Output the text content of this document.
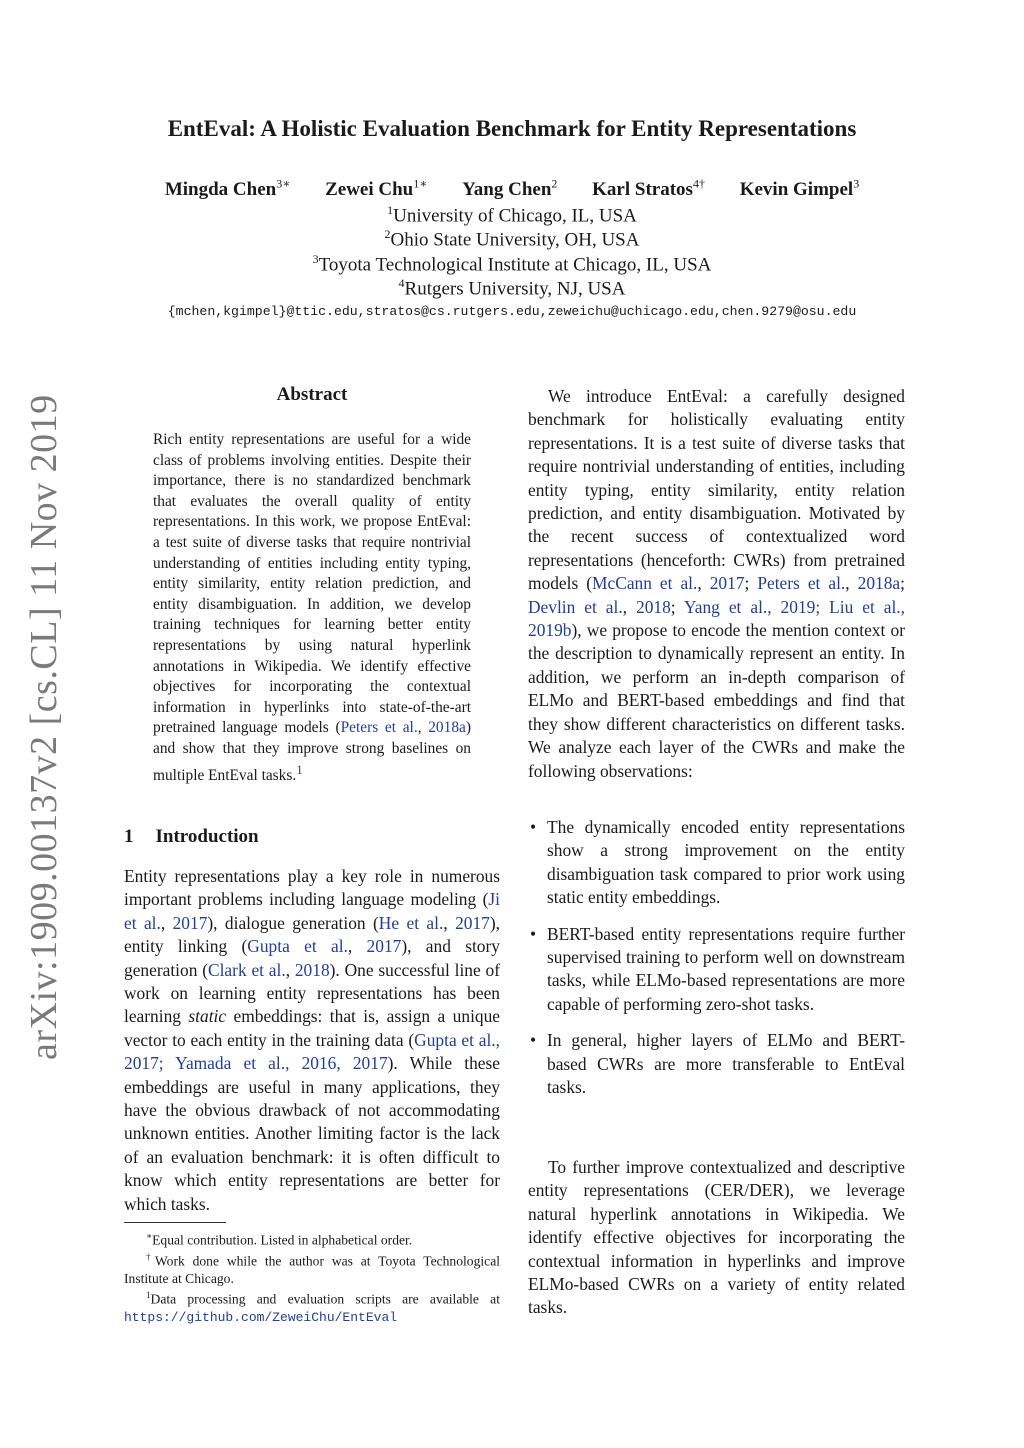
arXiv:1909.00137v2 [cs.CL] 11 Nov 2019
EntEval: A Holistic Evaluation Benchmark for Entity Representations
Mingda Chen$^{3∗}$ Zewei Chu$^{1∗}$ Yang Chen$^2$ Karl Stratos$^{4\dagger}$ Kevin Gimpel$^3$
$^1$University of Chicago, IL, USA
$^2$Ohio State University, OH, USA
$^3$Toyota Technological Institute at Chicago, IL, USA
$^4$Rutgers University, NJ, USA
{mchen,kgimpel}@ttic.edu,stratos@cs.rutgers.edu,zeweichu@uchicago.edu,chen.9279@osu.edu
Abstract
Rich entity representations are useful for a wide class of problems involving entities. Despite their importance, there is no standardized benchmark that evaluates the overall quality of entity representations. In this work, we propose EntEval: a test suite of diverse tasks that require nontrivial understanding of entities including entity typing, entity similarity, entity relation prediction, and entity disambiguation. In addition, we develop training techniques for learning better entity representations by using natural hyperlink annotations in Wikipedia. We identify effective objectives for incorporating the contextual information in hyperlinks into state-of-the-art pretrained language models (Peters et al., 2018a) and show that they improve strong baselines on multiple EntEval tasks.$^1$
1 Introduction
Entity representations play a key role in numerous important problems including language modeling (Ji et al., 2017), dialogue generation (He et al., 2017), entity linking (Gupta et al., 2017), and story generation (Clark et al., 2018). One successful line of work on learning entity representations has been learning static embeddings: that is, assign a unique vector to each entity in the training data (Gupta et al., 2017; Yamada et al., 2016, 2017). While these embeddings are useful in many applications, they have the obvious drawback of not accommodating unknown entities. Another limiting factor is the lack of an evaluation benchmark: it is often difficult to know which entity representations are better for which tasks.
∗Equal contribution. Listed in alphabetical order.
†Work done while the author was at Toyota Technological Institute at Chicago.
$^1$Data processing and evaluation scripts are available at https://github.com/ZeweiChu/EntEval
We introduce EntEval: a carefully designed benchmark for holistically evaluating entity representations. It is a test suite of diverse tasks that require nontrivial understanding of entities, including entity typing, entity similarity, entity relation prediction, and entity disambiguation. Motivated by the recent success of contextualized word representations (henceforth: CWRs) from pretrained models (McCann et al., 2017; Peters et al., 2018a; Devlin et al., 2018; Yang et al., 2019; Liu et al., 2019b), we propose to encode the mention context or the description to dynamically represent an entity. In addition, we perform an in-depth comparison of ELMo and BERT-based embeddings and find that they show different characteristics on different tasks. We analyze each layer of the CWRs and make the following observations:
• The dynamically encoded entity representations show a strong improvement on the entity disambiguation task compared to prior work using static entity embeddings.
• BERT-based entity representations require further supervised training to perform well on downstream tasks, while ELMo-based representations are more capable of performing zero-shot tasks.
• In general, higher layers of ELMo and BERT-based CWRs are more transferable to EntEval tasks.
To further improve contextualized and descriptive entity representations (CER/DER), we leverage natural hyperlink annotations in Wikipedia. We identify effective objectives for incorporating the contextual information in hyperlinks and improve ELMo-based CWRs on a variety of entity related tasks.
